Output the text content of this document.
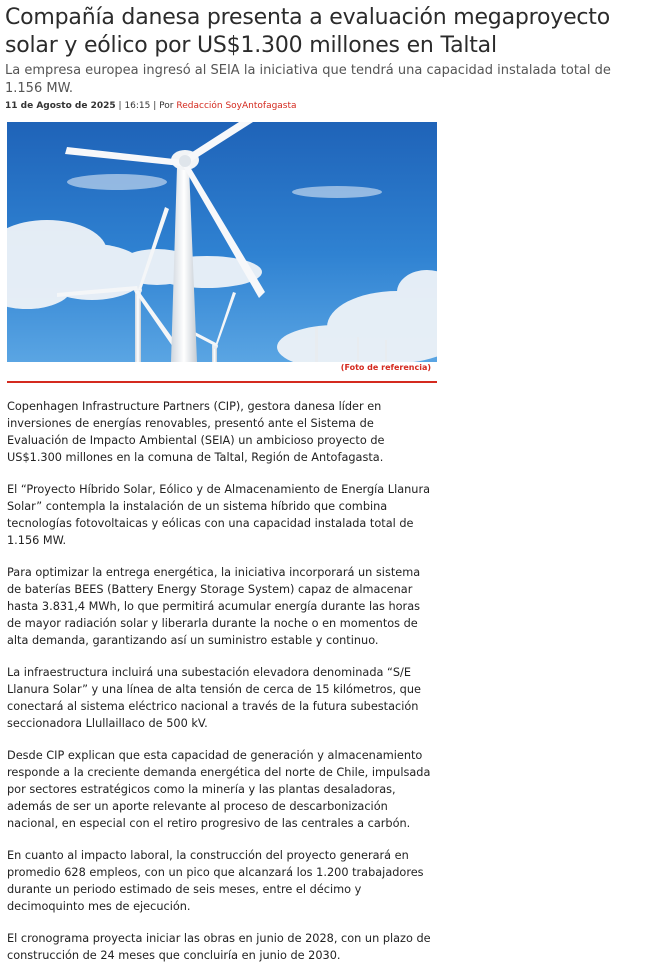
Compañía danesa presenta a evaluación megaproyecto solar y eólico por US$1.300 millones en Taltal

La empresa europea ingresó al SEIA la iniciativa que tendrá una capacidad instalada total de 1.156 MW.

11 de Agosto de 2025 | 16:15 | Por Redacción SoyAntofagasta
(Foto de referencia)

Copenhagen Infrastructure Partners (CIP), gestora danesa líder en inversiones de energías renovables, presentó ante el Sistema de Evaluación de Impacto Ambiental (SEIA) un ambicioso proyecto de US$1.300 millones en la comuna de Taltal, Región de Antofagasta.

El “Proyecto Híbrido Solar, Eólico y de Almacenamiento de Energía Llanura Solar” contempla la instalación de un sistema híbrido que combina tecnologías fotovoltaicas y eólicas con una capacidad instalada total de 1.156 MW.

Para optimizar la entrega energética, la iniciativa incorporará un sistema de baterías BEES (Battery Energy Storage System) capaz de almacenar hasta 3.831,4 MWh, lo que permitirá acumular energía durante las horas de mayor radiación solar y liberarla durante la noche o en momentos de alta demanda, garantizando así un suministro estable y continuo.

La infraestructura incluirá una subestación elevadora denominada “S/E Llanura Solar” y una línea de alta tensión de cerca de 15 kilómetros, que conectará al sistema eléctrico nacional a través de la futura subestación seccionadora Llullaillaco de 500 kV.

Desde CIP explican que esta capacidad de generación y almacenamiento responde a la creciente demanda energética del norte de Chile, impulsada por sectores estratégicos como la minería y las plantas desaladoras, además de ser un aporte relevante al proceso de descarbonización nacional, en especial con el retiro progresivo de las centrales a carbón.

En cuanto al impacto laboral, la construcción del proyecto generará en promedio 628 empleos, con un pico que alcanzará los 1.200 trabajadores durante un periodo estimado de seis meses, entre el décimo y decimoquinto mes de ejecución.

El cronograma proyecta iniciar las obras en junio de 2028, con un plazo de construcción de 24 meses que concluiría en junio de 2030.
